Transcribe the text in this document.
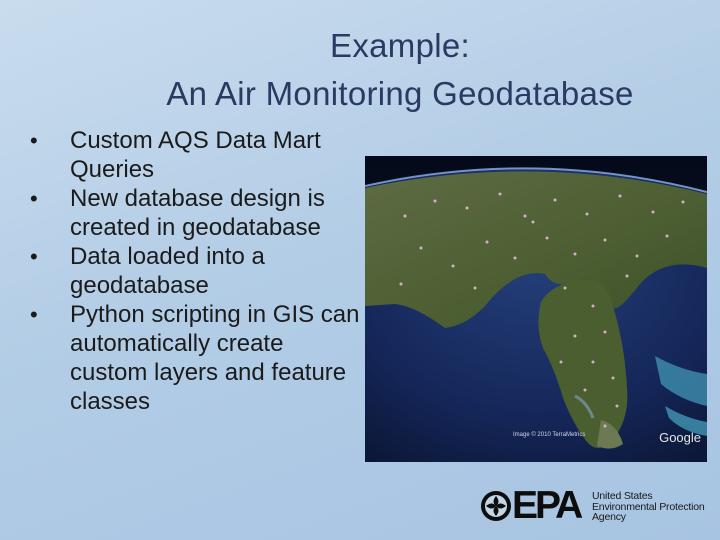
Example:
An Air Monitoring Geodatabase
• Custom AQS Data Mart Queries
• New database design is created in geodatabase
• Data loaded into a geodatabase
• Python scripting in GIS can automatically create custom layers and feature classes
Image © 2010 TerraMetrics	Google
EPA United States
Environmental Protection
Agency
